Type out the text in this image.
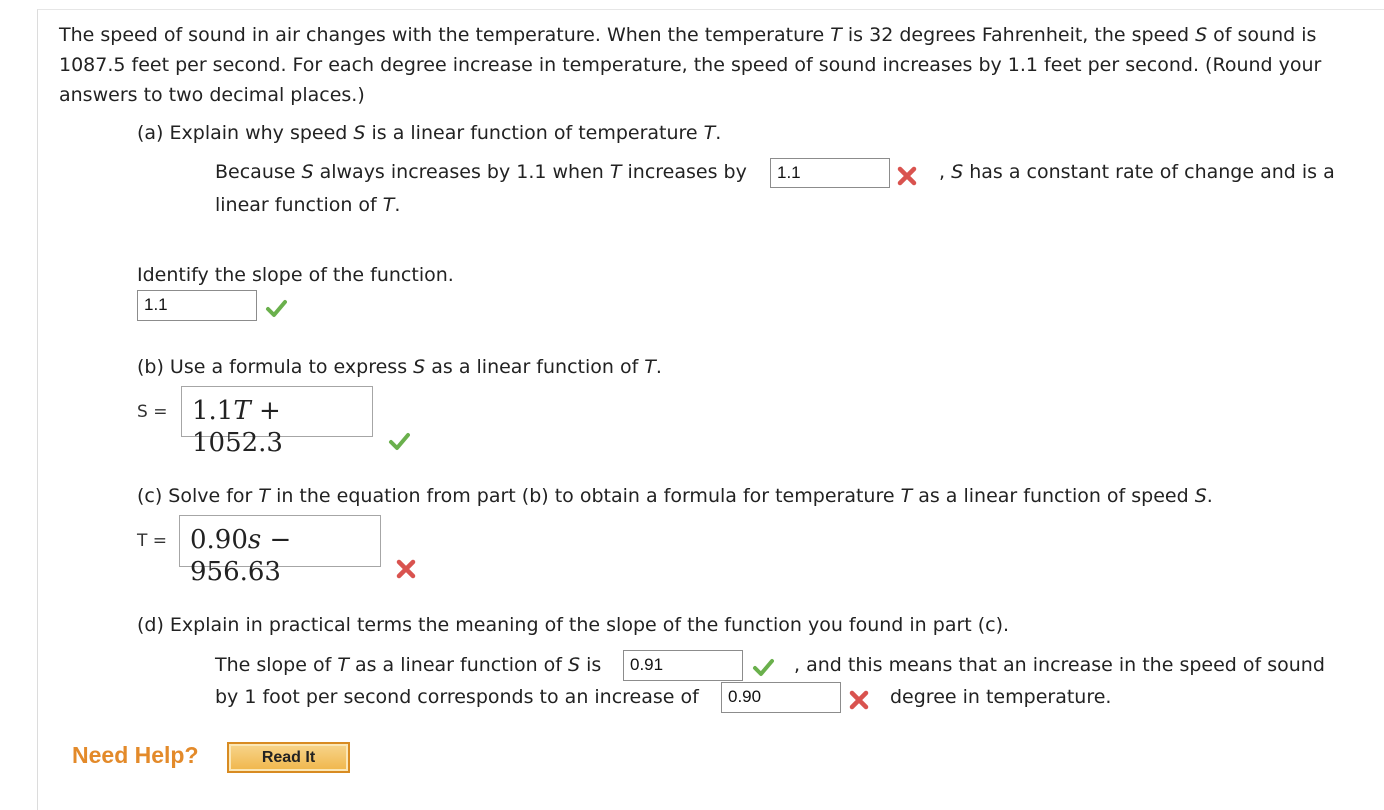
The speed of sound in air changes with the temperature. When the temperature T is 32 degrees Fahrenheit, the speed S of sound is 1087.5 feet per second. For each degree increase in temperature, the speed of sound increases by 1.1 feet per second. (Round your answers to two decimal places.)
(a) Explain why speed S is a linear function of temperature T.
Because S always increases by 1.1 when T increases by	1.1	, S has a constant rate of change and is a
linear function of T.
Identify the slope of the function.
1.1
(b) Use a formula to express S as a linear function of T.
S = 1.1T + 1052.3
(c) Solve for T in the equation from part (b) to obtain a formula for temperature T as a linear function of speed S.
T = 0.90s − 956.63
(d) Explain in practical terms the meaning of the slope of the function you found in part (c).
The slope of T as a linear function of S is	0.91	, and this means that an increase in the speed of sound
by 1 foot per second corresponds to an increase of	0.90	degree in temperature.
Need Help?	Read It
